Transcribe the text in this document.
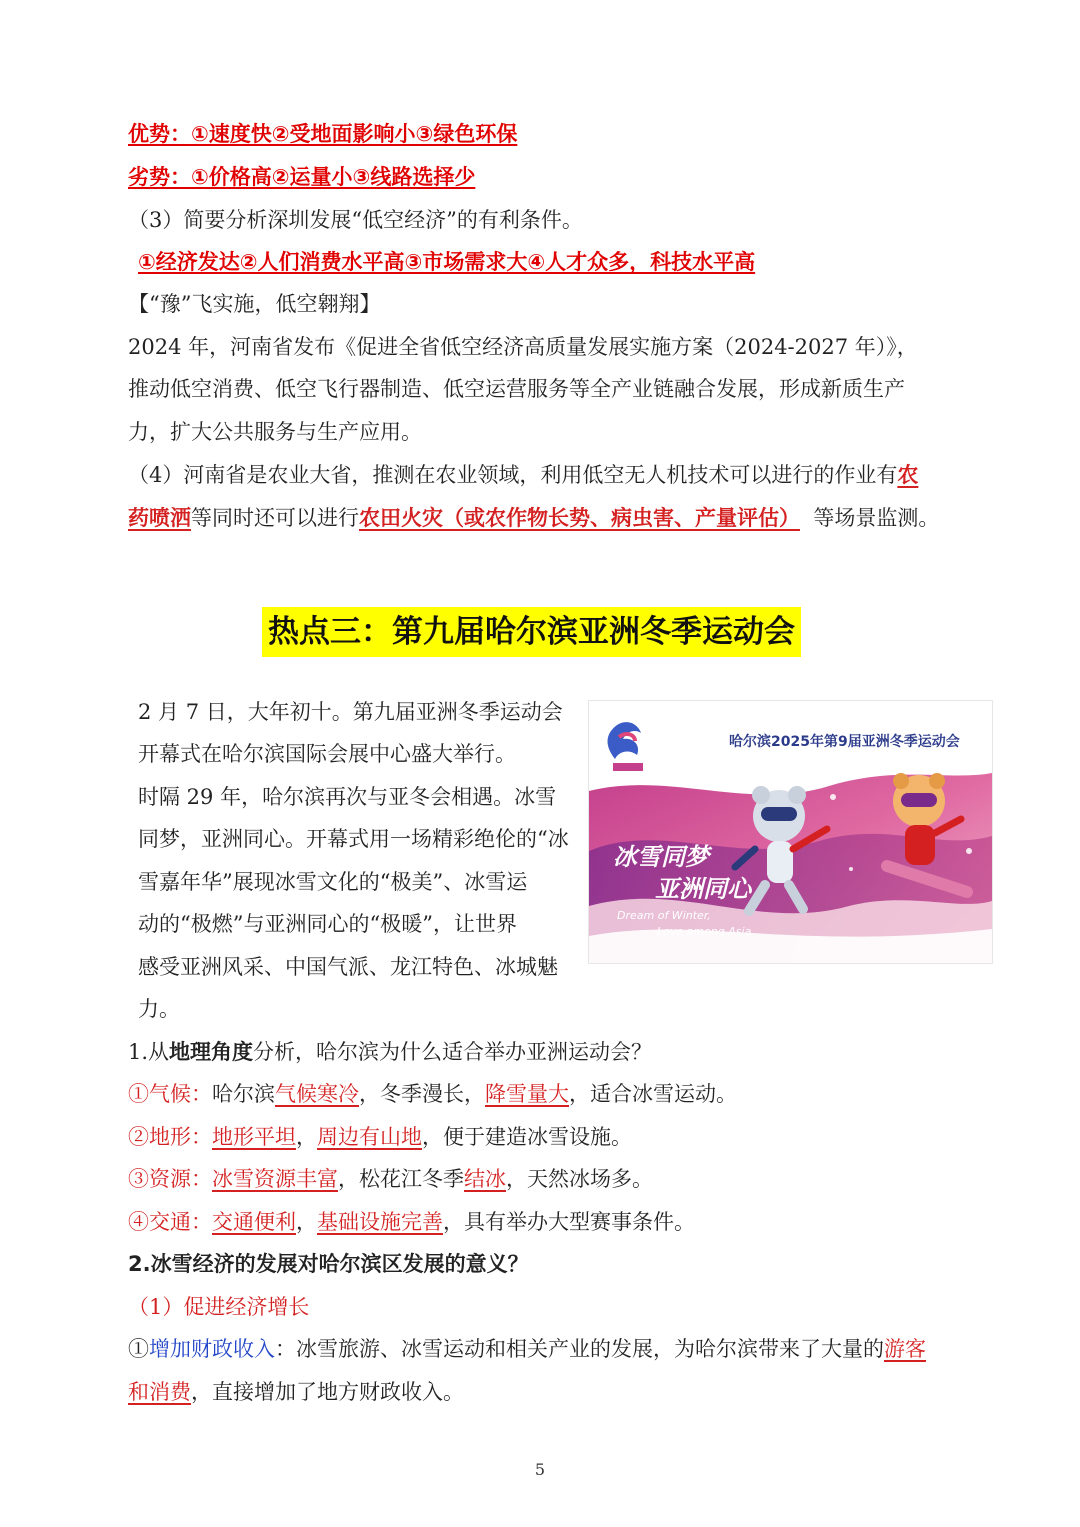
优势：①速度快②受地面影响小③绿色环保
劣势：①价格高②运量小③线路选择少
（3）简要分析深圳发展“低空经济”的有利条件。
①经济发达②人们消费水平高③市场需求大④人才众多，科技水平高
【“豫”飞实施，低空翱翔】
2024 年，河南省发布《促进全省低空经济高质量发展实施方案（2024-2027 年）》，
推动低空消费、低空飞行器制造、低空运营服务等全产业链融合发展，形成新质生产
力，扩大公共服务与生产应用。
（4）河南省是农业大省，推测在农业领域，利用低空无人机技术可以进行的作业有农
药喷洒等同时还可以进行农田火灾（或农作物长势、病虫害、产量评估） 等场景监测。
热点三：第九届哈尔滨亚洲冬季运动会
2 月 7 日，大年初十。第九届亚洲冬季运动会
开幕式在哈尔滨国际会展中心盛大举行。
时隔 29 年，哈尔滨再次与亚冬会相遇。冰雪
同梦，亚洲同心。开幕式用一场精彩绝伦的“冰
雪嘉年华”展现冰雪文化的“极美”、冰雪运
动的“极燃”与亚洲同心的“极暖”，让世界
感受亚洲风采、中国气派、龙江特色、冰城魅
力。
哈尔滨2025年第9届亚洲冬季运动会
冰雪同梦
亚洲同心
Dream of Winter,
Love among Asia
1.从地理角度分析，哈尔滨为什么适合举办亚洲运动会？
①气候：哈尔滨气候寒冷，冬季漫长，降雪量大，适合冰雪运动。
②地形：地形平坦，周边有山地，便于建造冰雪设施。
③资源：冰雪资源丰富，松花江冬季结冰，天然冰场多。
④交通：交通便利，基础设施完善，具有举办大型赛事条件。
2.冰雪经济的发展对哈尔滨区发展的意义？
（1）促进经济增长
①增加财政收入：冰雪旅游、冰雪运动和相关产业的发展，为哈尔滨带来了大量的游客
和消费，直接增加了地方财政收入。
5
